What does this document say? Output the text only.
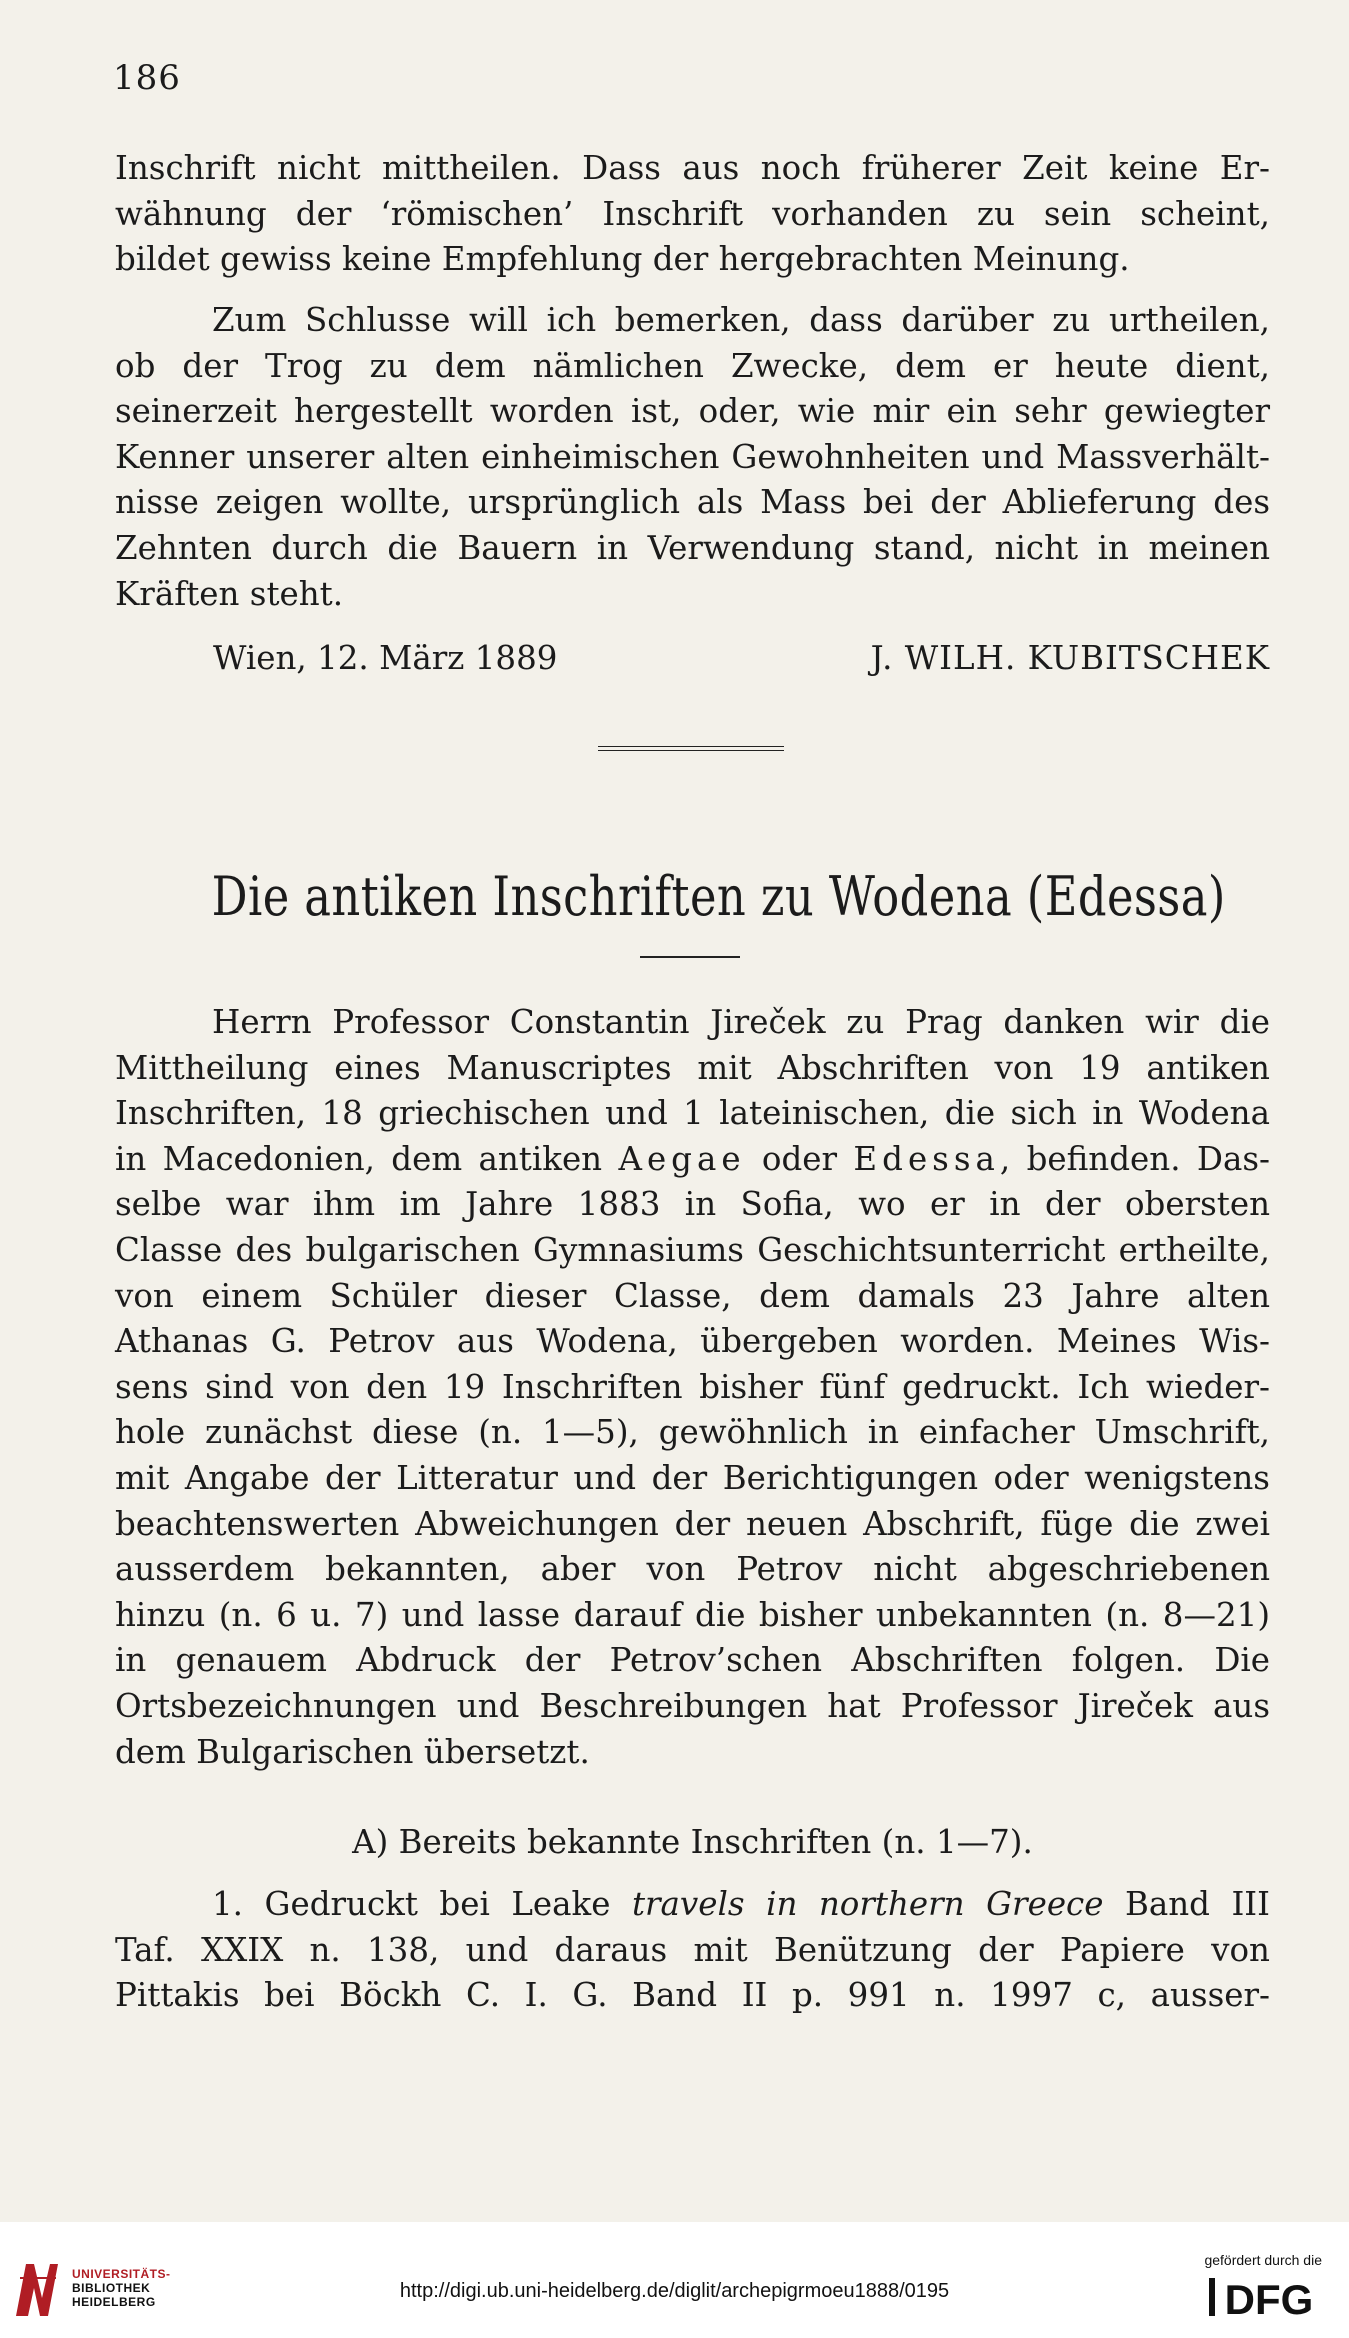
186
Inschrift nicht mittheilen. Dass aus noch früherer Zeit keine Er-
wähnung der ‘römischen’ Inschrift vorhanden zu sein scheint,
bildet gewiss keine Empfehlung der hergebrachten Meinung.
Zum Schlusse will ich bemerken, dass darüber zu urtheilen,
ob der Trog zu dem nämlichen Zwecke, dem er heute dient,
seinerzeit hergestellt worden ist, oder, wie mir ein sehr gewiegter
Kenner unserer alten einheimischen Gewohnheiten und Massverhält-
nisse zeigen wollte, ursprünglich als Mass bei der Ablieferung des
Zehnten durch die Bauern in Verwendung stand, nicht in meinen
Kräften steht.
Wien, 12. März 1889	J. WILH. KUBITSCHEK
Die antiken Inschriften zu Wodena (Edessa)
Herrn Professor Constantin Jireček zu Prag danken wir die
Mittheilung eines Manuscriptes mit Abschriften von 19 antiken
Inschriften, 18 griechischen und 1 lateinischen, die sich in Wodena
in Macedonien, dem antiken Aegae oder Edessa, befinden. Das-
selbe war ihm im Jahre 1883 in Sofia, wo er in der obersten
Classe des bulgarischen Gymnasiums Geschichtsunterricht ertheilte,
von einem Schüler dieser Classe, dem damals 23 Jahre alten
Athanas G. Petrov aus Wodena, übergeben worden. Meines Wis-
sens sind von den 19 Inschriften bisher fünf gedruckt. Ich wieder-
hole zunächst diese (n. 1—5), gewöhnlich in einfacher Umschrift,
mit Angabe der Litteratur und der Berichtigungen oder wenigstens
beachtenswerten Abweichungen der neuen Abschrift, füge die zwei
ausserdem bekannten, aber von Petrov nicht abgeschriebenen
hinzu (n. 6 u. 7) und lasse darauf die bisher unbekannten (n. 8—21)
in genauem Abdruck der Petrov’schen Abschriften folgen. Die
Ortsbezeichnungen und Beschreibungen hat Professor Jireček aus
dem Bulgarischen übersetzt.
A) Bereits bekannte Inschriften (n. 1—7).
1. Gedruckt bei Leake travels in northern Greece Band III
Taf. XXIX n. 138, und daraus mit Benützung der Papiere von
Pittakis bei Böckh C. I. G. Band II p. 991 n. 1997 c, ausser-
UNIVERSITÄTS-
BIBLIOTHEK
HEIDELBERG	http://digi.ub.uni-heidelberg.de/diglit/archepigrmoeu1888/0195
gefördert durch die
DFG
